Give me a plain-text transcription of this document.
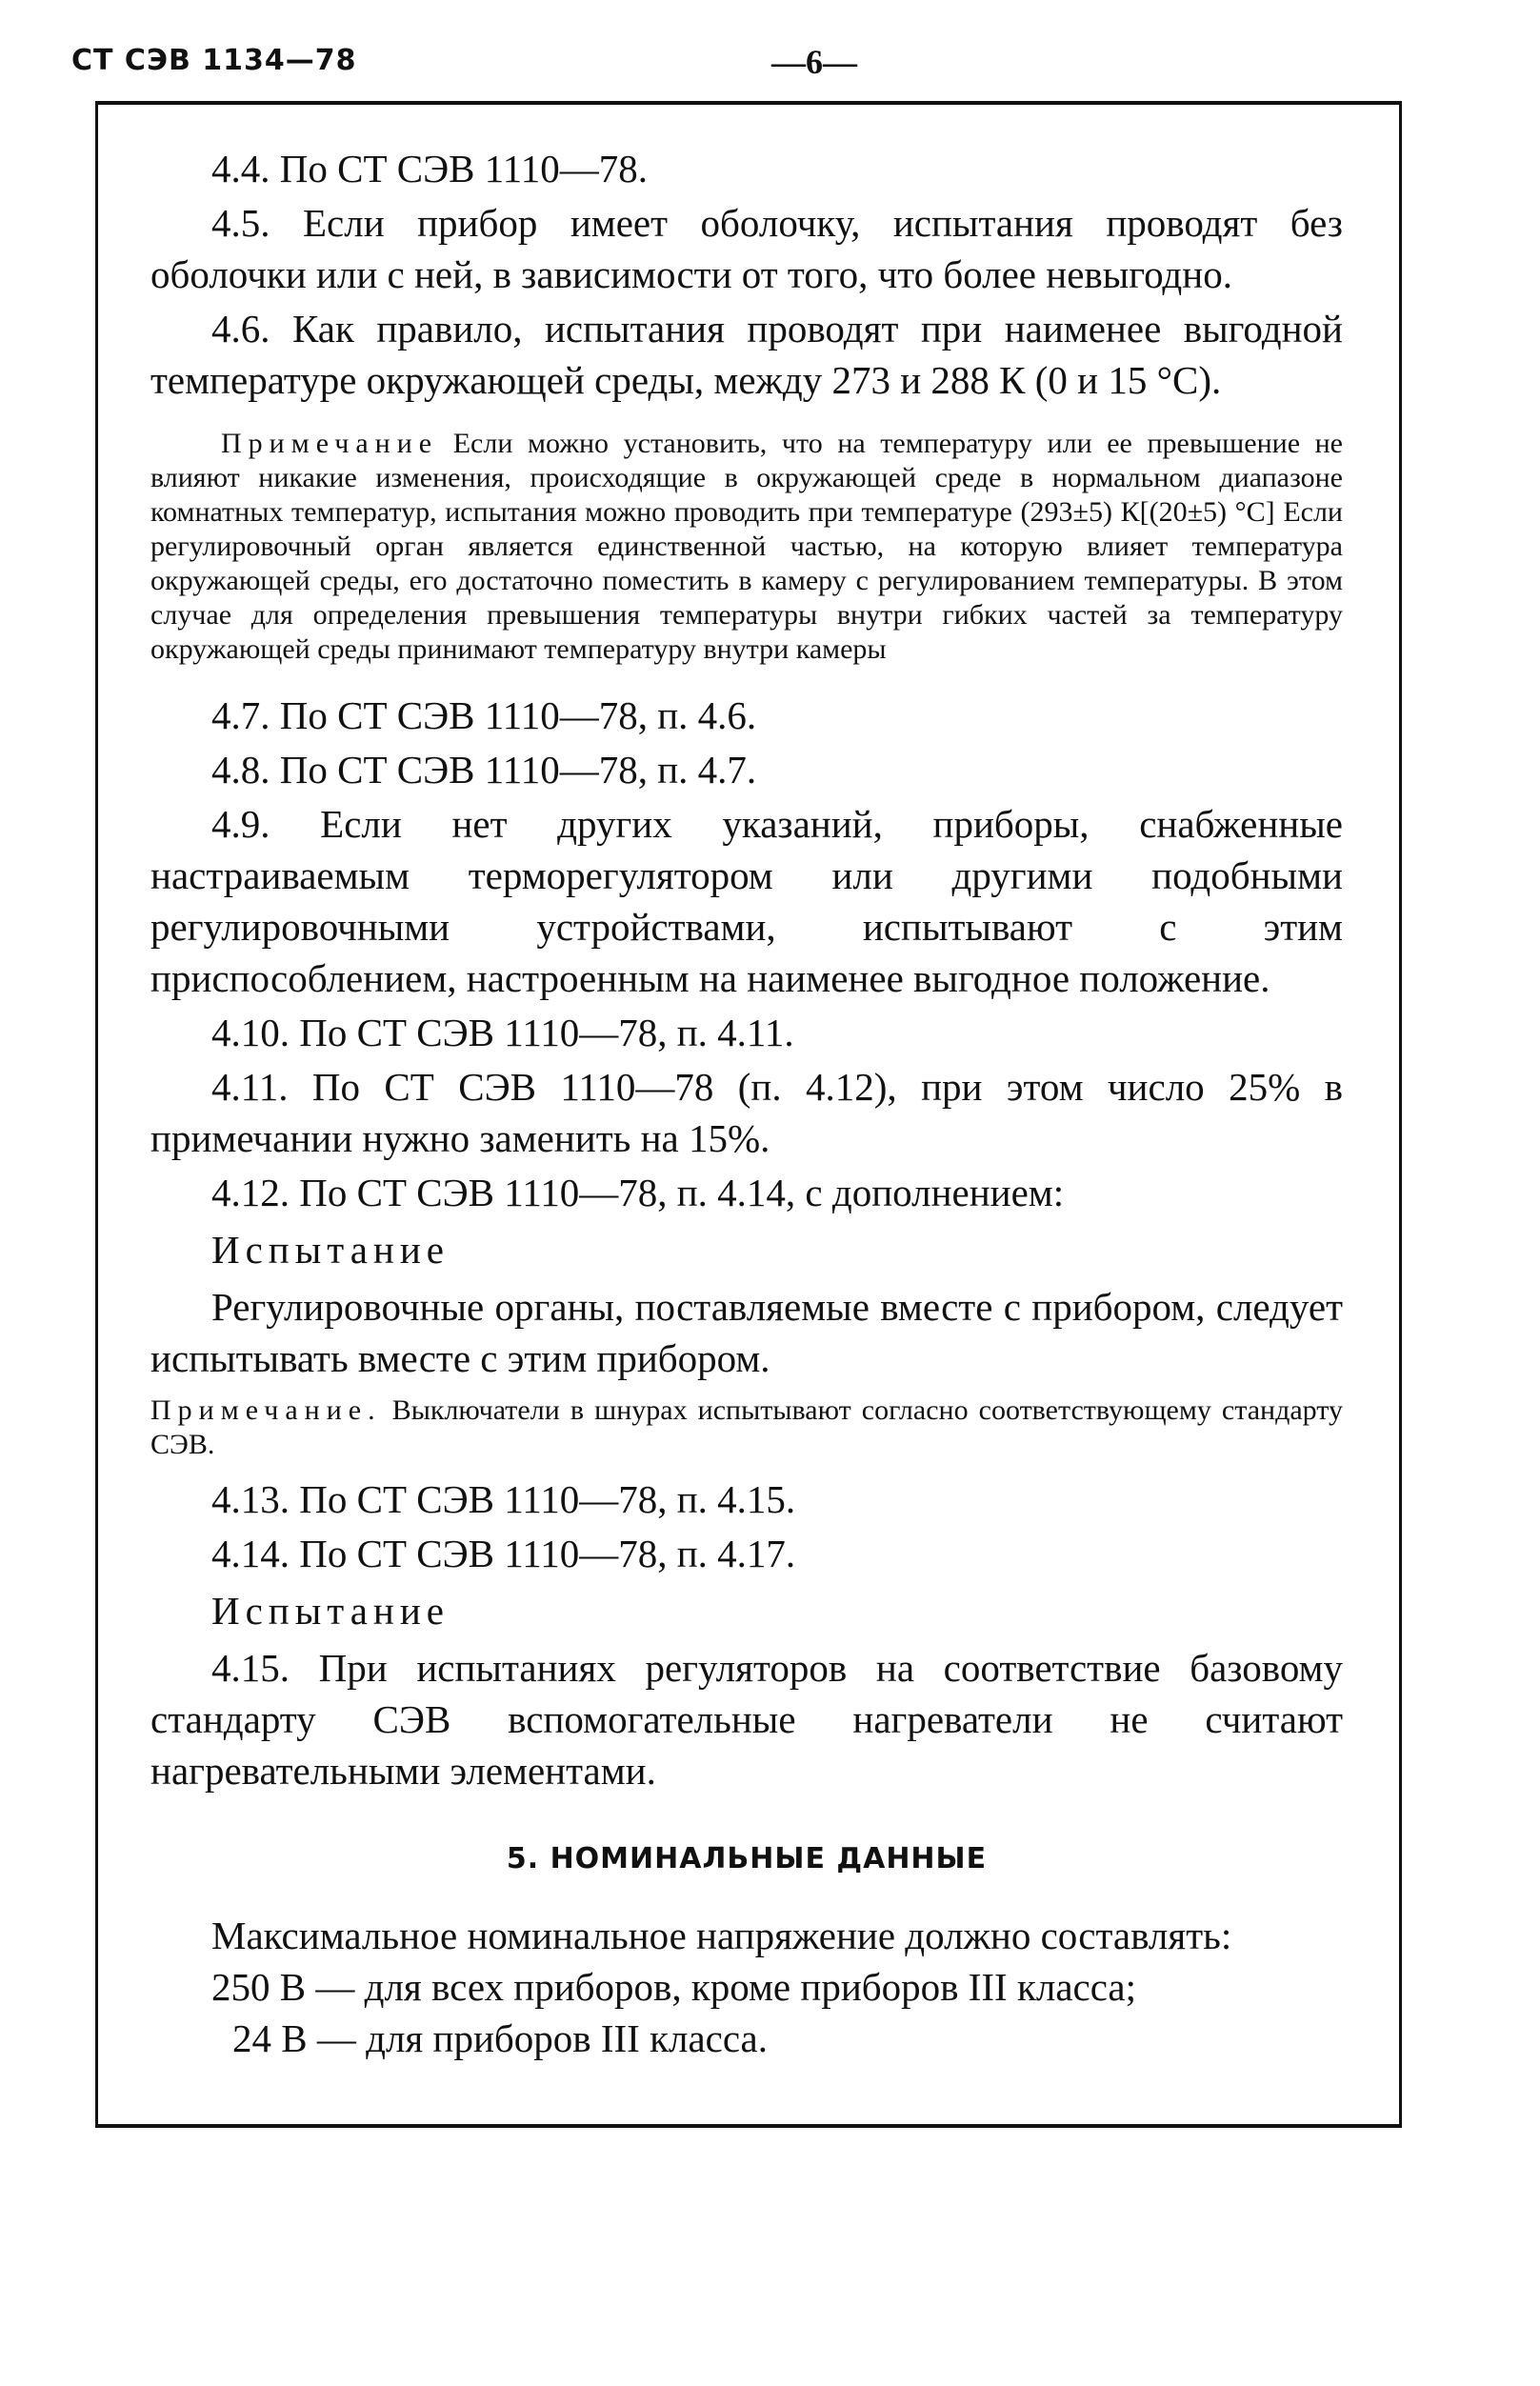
CT СЭВ 1134—78	—6—

4.4. По СТ СЭВ 1110—78.

4.5. Если прибор имеет оболочку, испытания проводят без оболочки или с ней, в зависимости от того, что более невыгодно.

4.6. Как правило, испытания проводят при наименее выгодной температуре окружающей среды, между 273 и 288 К (0 и 15 °С).

Примечание Если можно установить, что на температуру или ее превышение не влияют никакие изменения, происходящие в окружающей среде в нормальном диапазоне комнатных температур, испытания можно проводить при температуре (293±5) К[(20±5) °С] Если регулировочный орган является единственной частью, на которую влияет температура окружающей среды, его достаточно поместить в камеру с регулированием температуры. В этом случае для определения превышения температуры внутри гибких частей за температуру окружающей среды принимают температуру внутри камеры

4.7. По СТ СЭВ 1110—78, п. 4.6.

4.8. По СТ СЭВ 1110—78, п. 4.7.

4.9. Если нет других указаний, приборы, снабженные настраиваемым терморегулятором или другими подобными регулировочными устройствами, испытывают с этим приспособлением, настроенным на наименее выгодное положение.

4.10. По СТ СЭВ 1110—78, п. 4.11.

4.11. По СТ СЭВ 1110—78 (п. 4.12), при этом число 25% в примечании нужно заменить на 15%.

4.12. По СТ СЭВ 1110—78, п. 4.14, с дополнением:

Испытание

Регулировочные органы, поставляемые вместе с прибором, следует испытывать вместе с этим прибором.

Примечание. Выключатели в шнурах испытывают согласно соответствующему стандарту СЭВ.

4.13. По СТ СЭВ 1110—78, п. 4.15.

4.14. По СТ СЭВ 1110—78, п. 4.17.

Испытание

4.15. При испытаниях регуляторов на соответствие базовому стандарту СЭВ вспомогательные нагреватели не считают нагревательными элементами.

5. НОМИНАЛЬНЫЕ ДАННЫЕ

Максимальное номинальное напряжение должно составлять:

250 В — для всех приборов, кроме приборов III класса;

24 В — для приборов III класса.
